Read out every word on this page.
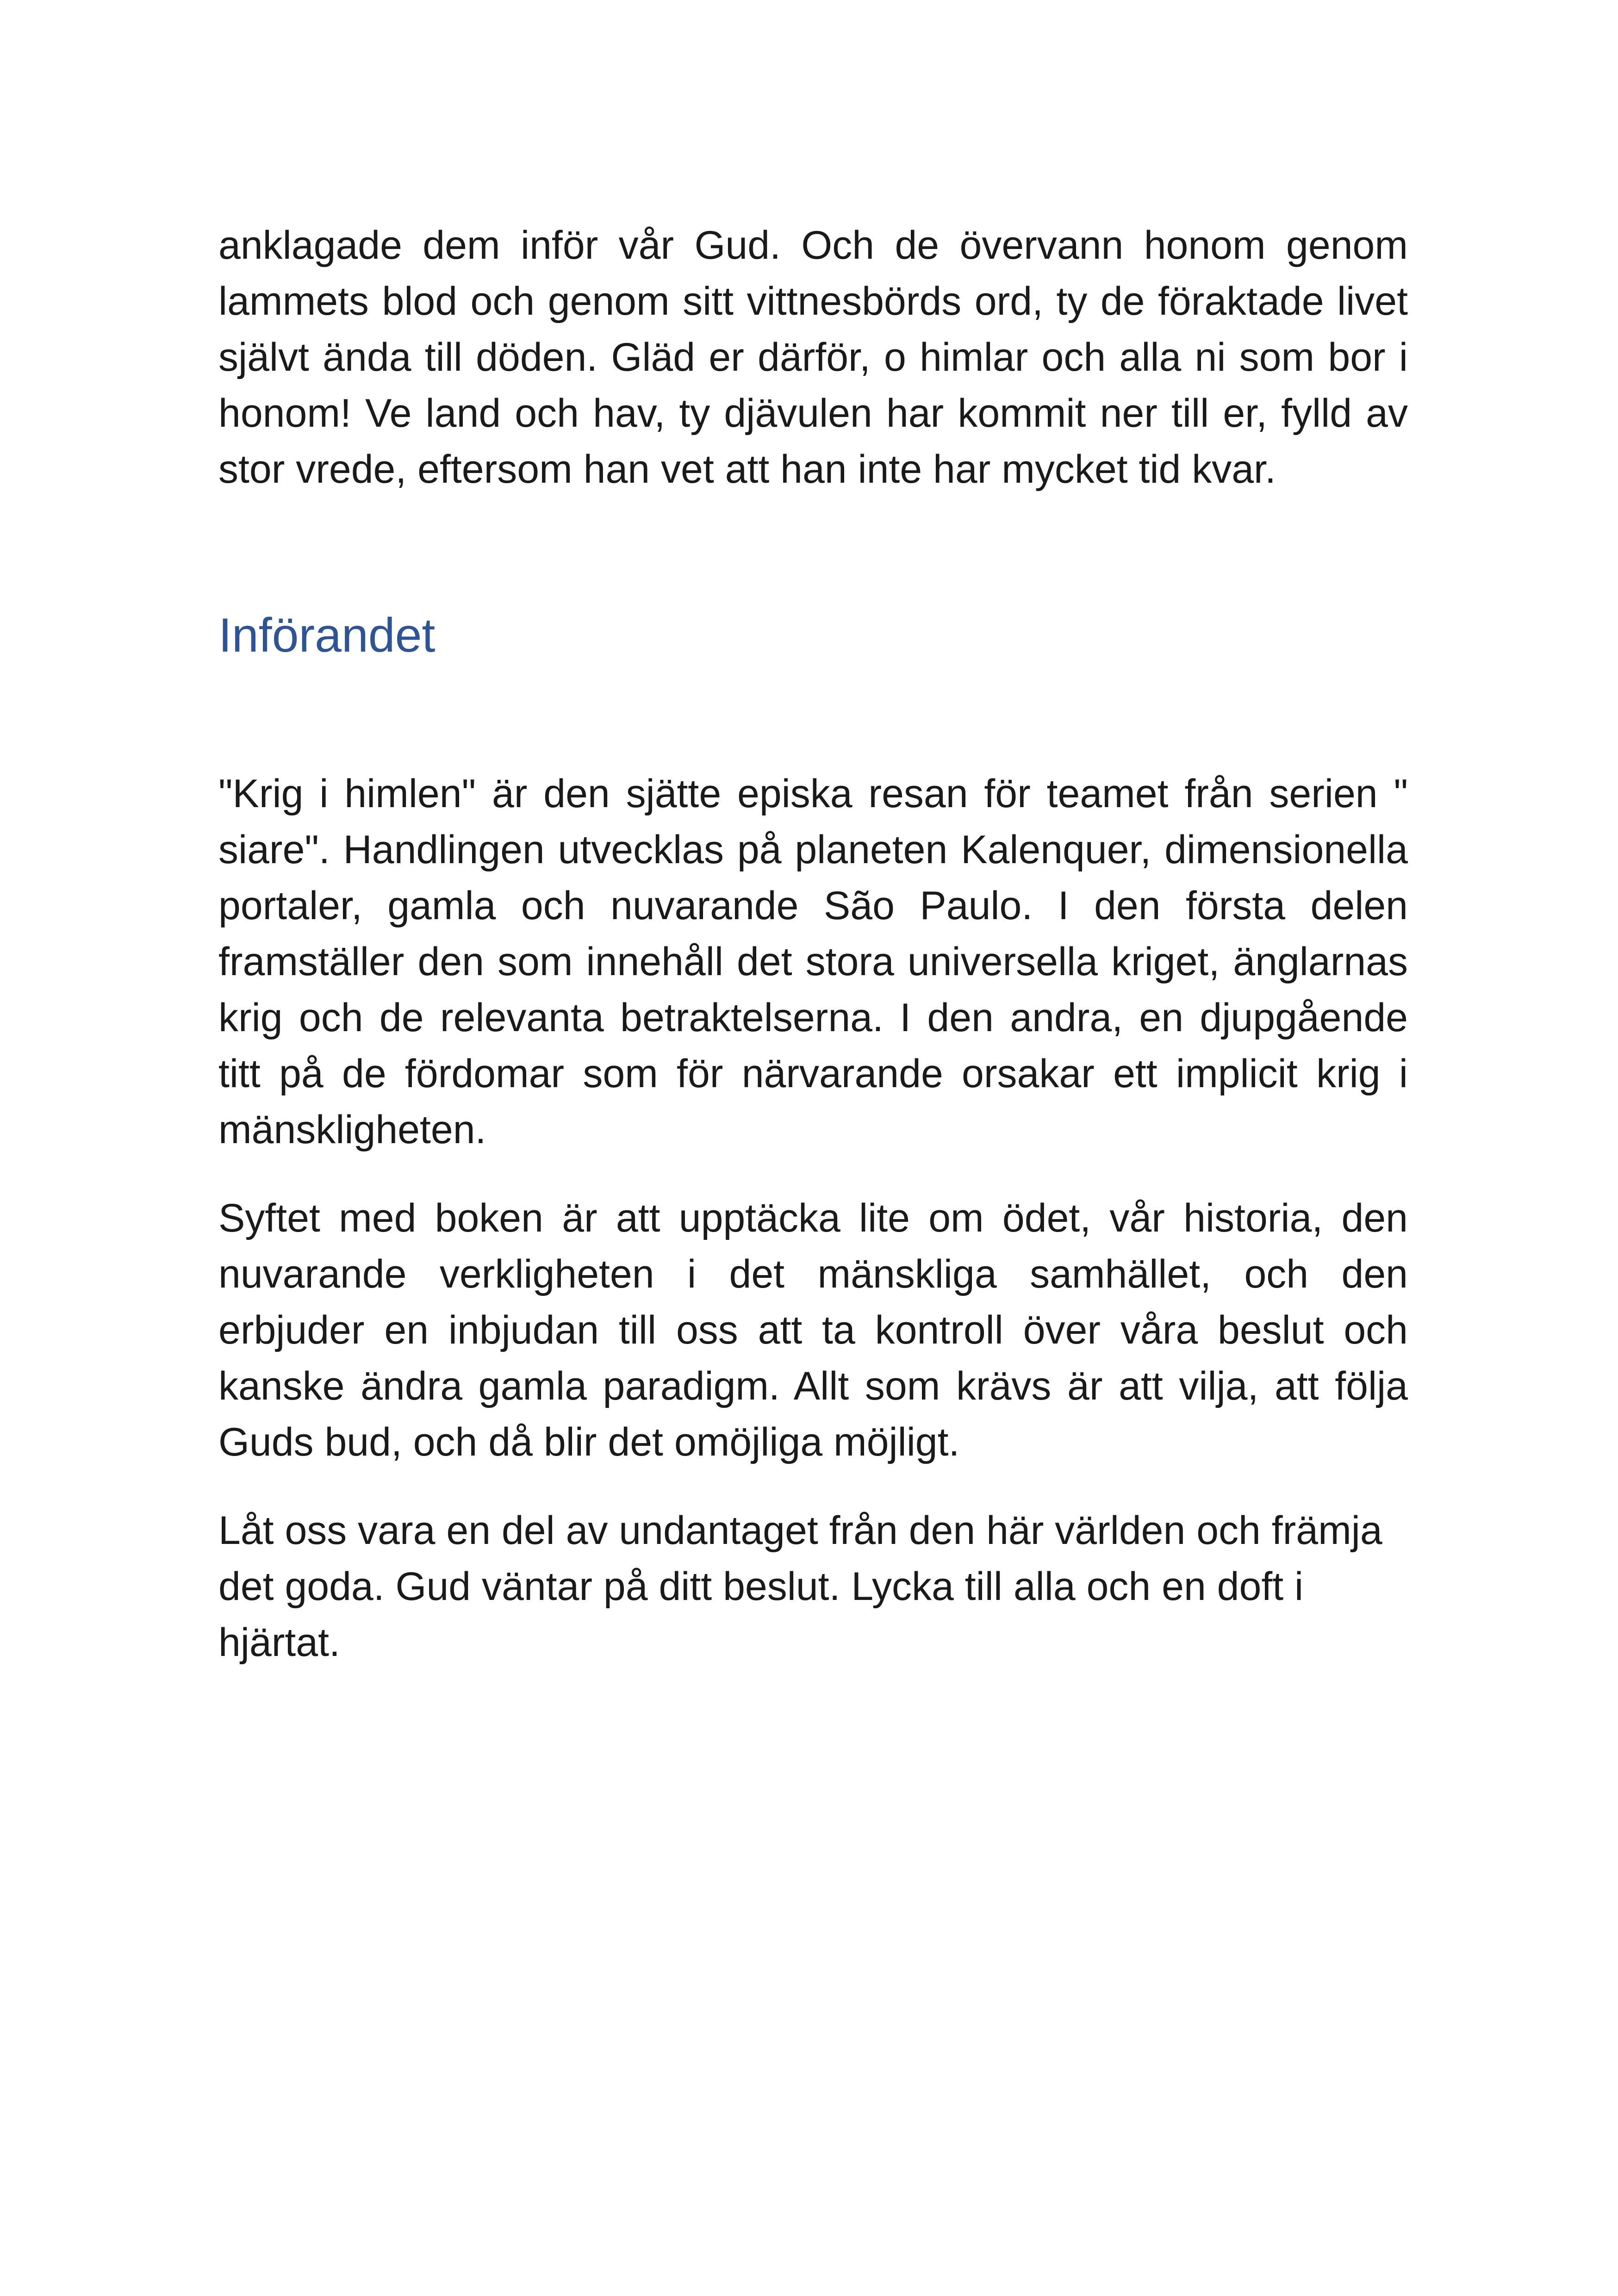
anklagade dem inför vår Gud. Och de övervann honom genom lammets blod och genom sitt vittnesbörds ord, ty de föraktade livet självt ända till döden. Gläd er därför, o himlar och alla ni som bor i honom! Ve land och hav, ty djävulen har kommit ner till er, fylld av stor vrede, eftersom han vet att han inte har mycket tid kvar.

Införandet

"Krig i himlen" är den sjätte episka resan för teamet från serien " siare". Handlingen utvecklas på planeten Kalenquer, dimensionella portaler, gamla och nuvarande São Paulo. I den första delen framställer den som innehåll det stora universella kriget, änglarnas krig och de relevanta betraktelserna. I den andra, en djupgående titt på de fördomar som för närvarande orsakar ett implicit krig i mänskligheten.

Syftet med boken är att upptäcka lite om ödet, vår historia, den nuvarande verkligheten i det mänskliga samhället, och den erbjuder en inbjudan till oss att ta kontroll över våra beslut och kanske ändra gamla paradigm. Allt som krävs är att vilja, att följa Guds bud, och då blir det omöjliga möjligt.

Låt oss vara en del av undantaget från den här världen och främja det goda. Gud väntar på ditt beslut. Lycka till alla och en doft i hjärtat.
